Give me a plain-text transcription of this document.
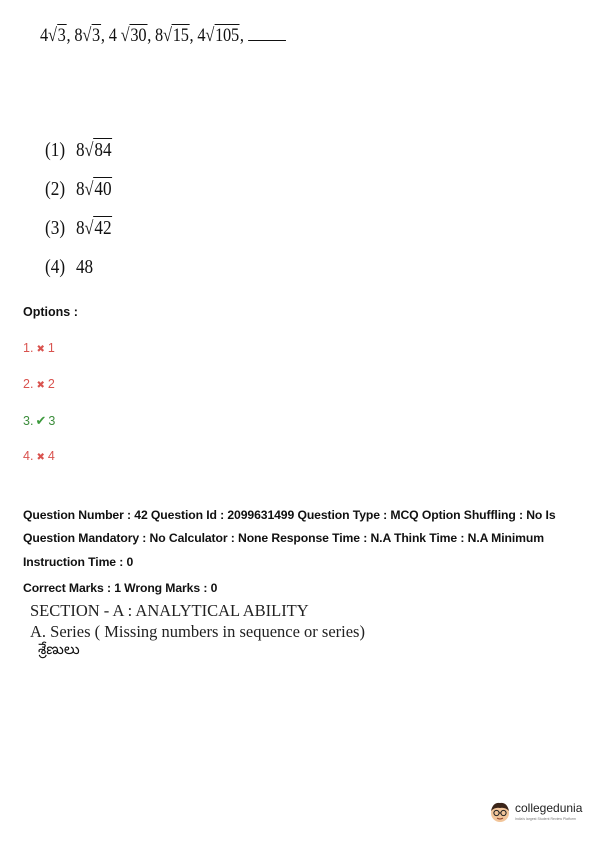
4√3, 8√3, 4 √30, 8√15, 4√105,
(1) 8√84
(2) 8√40
(3) 8√42
(4) 48
Options :
1. ✖ 1
2. ✖ 2
3. ✔ 3
4. ✖ 4
Question Number : 42 Question Id : 2099631499 Question Type : MCQ Option Shuffling : No Is
Question Mandatory : No Calculator : None Response Time : N.A Think Time : N.A Minimum
Instruction Time : 0
Correct Marks : 1 Wrong Marks : 0
SECTION - A : ANALYTICAL ABILITY
A. Series ( Missing numbers in sequence or series)
శ్రేణులు
collegedunia
India's largest Student Review Platform
